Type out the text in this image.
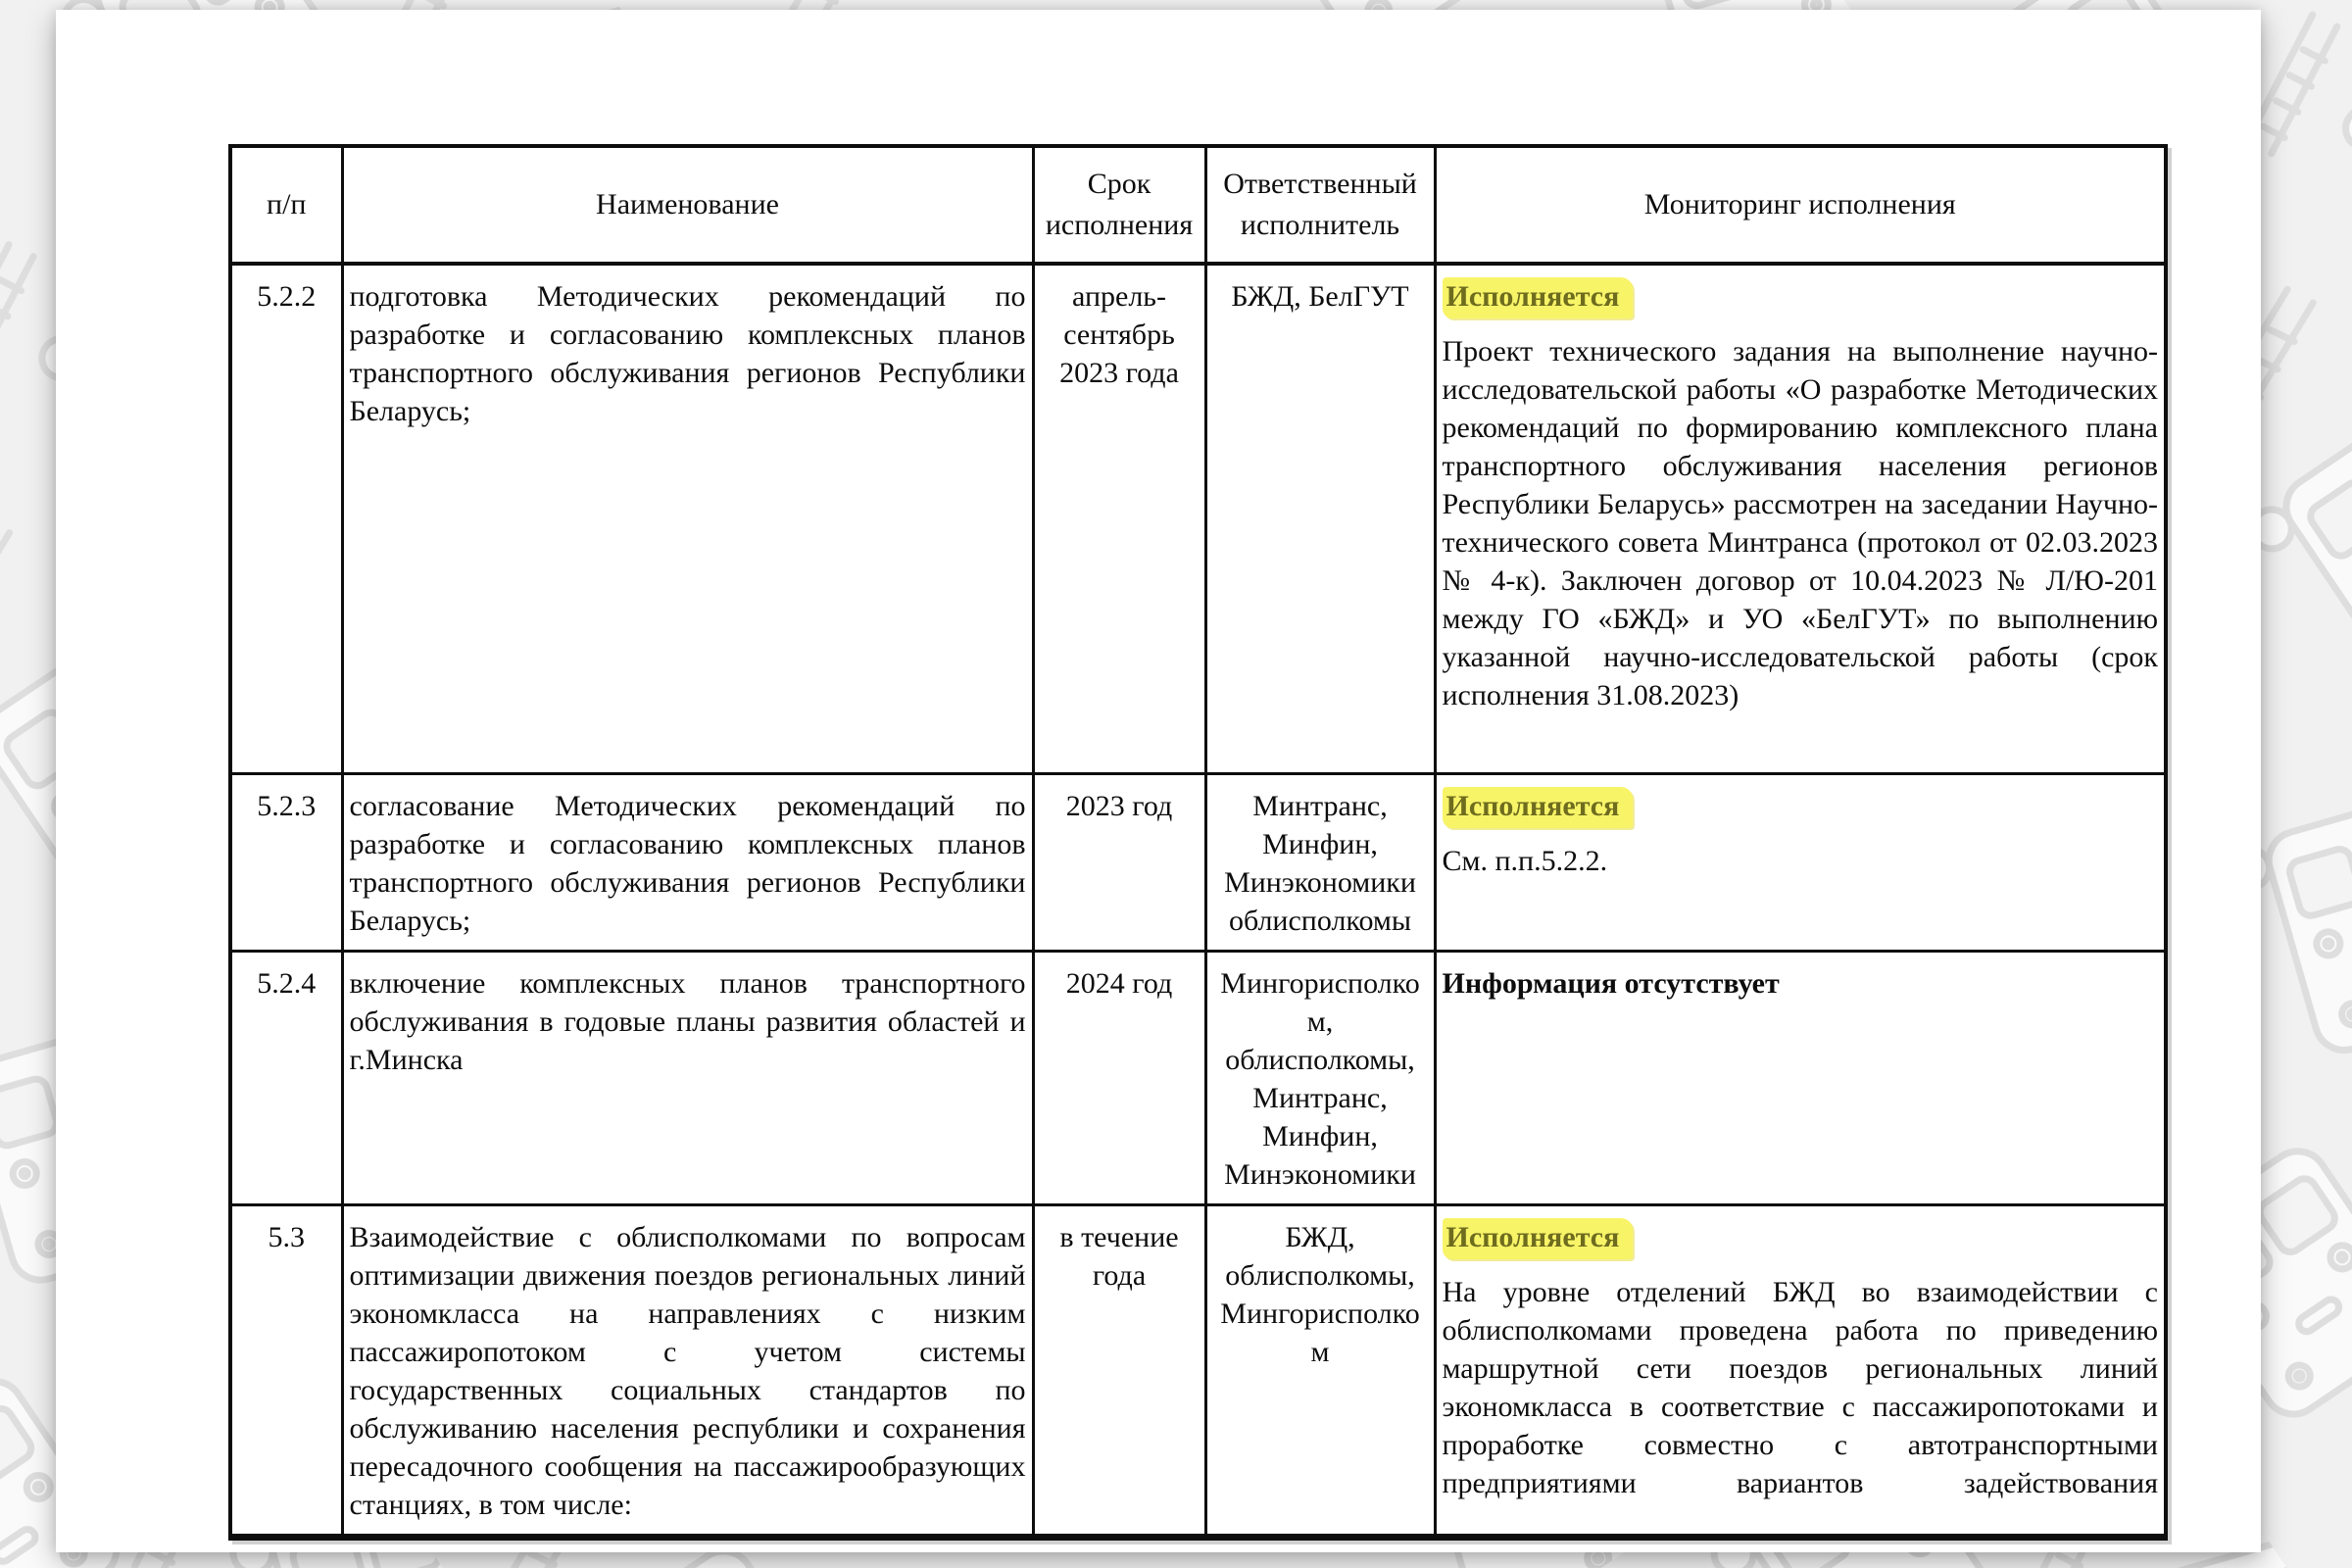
п/п	Наименование	Срок исполнения	Ответственный исполнитель	Мониторинг исполнения
5.2.2	подготовка Методических рекомендаций по разработке и согласованию комплексных планов транспортного обслуживания регионов Республики Беларусь;	апрель-сентябрь 2023 года	БЖД, БелГУТ	Исполняется

Проект технического задания на выполнение научно-исследовательской работы «О разработке Методических рекомендаций по формированию комплексного плана транспортного обслуживания населения регионов Республики Беларусь» рассмотрен на заседании Научно-технического совета Минтранса (протокол от 02.03.2023 № 4-к). Заключен договор от 10.04.2023 № Л/Ю-201 между ГО «БЖД» и УО «БелГУТ» по выполнению указанной научно-исследовательской работы (срок исполнения 31.08.2023)

5.2.3	согласование Методических рекомендаций по разработке и согласованию комплексных планов транспортного обслуживания регионов Республики Беларусь;	2023 год	Минтранс, Минфин, Минэкономики облисполкомы	Исполняется

См. п.п.5.2.2.

5.2.4	включение комплексных планов транспортного обслуживания в годовые планы развития областей и г.Минска	2024 год	Мингорисполком, облисполкомы, Минтранс, Минфин, Минэкономики	Информация отсутствует

5.3	Взаимодействие с облисполкомами по вопросам оптимизации движения поездов региональных линий экономкласса на направлениях с низким пассажиропотоком с учетом системы государственных социальных стандартов по обслуживанию населения республики и сохранения пересадочного сообщения на пассажирообразующих станциях, в том числе:	в течение года	БЖД, облисполкомы, Мингорисполком	

Исполняется

На уровне отделений БЖД во взаимодействии с облисполкомами проведена работа по приведению маршрутной сети поездов региональных линий экономкласса в соответствие с пассажиропотоками и проработке совместно с автотранспортными предприятиями вариантов задействования
